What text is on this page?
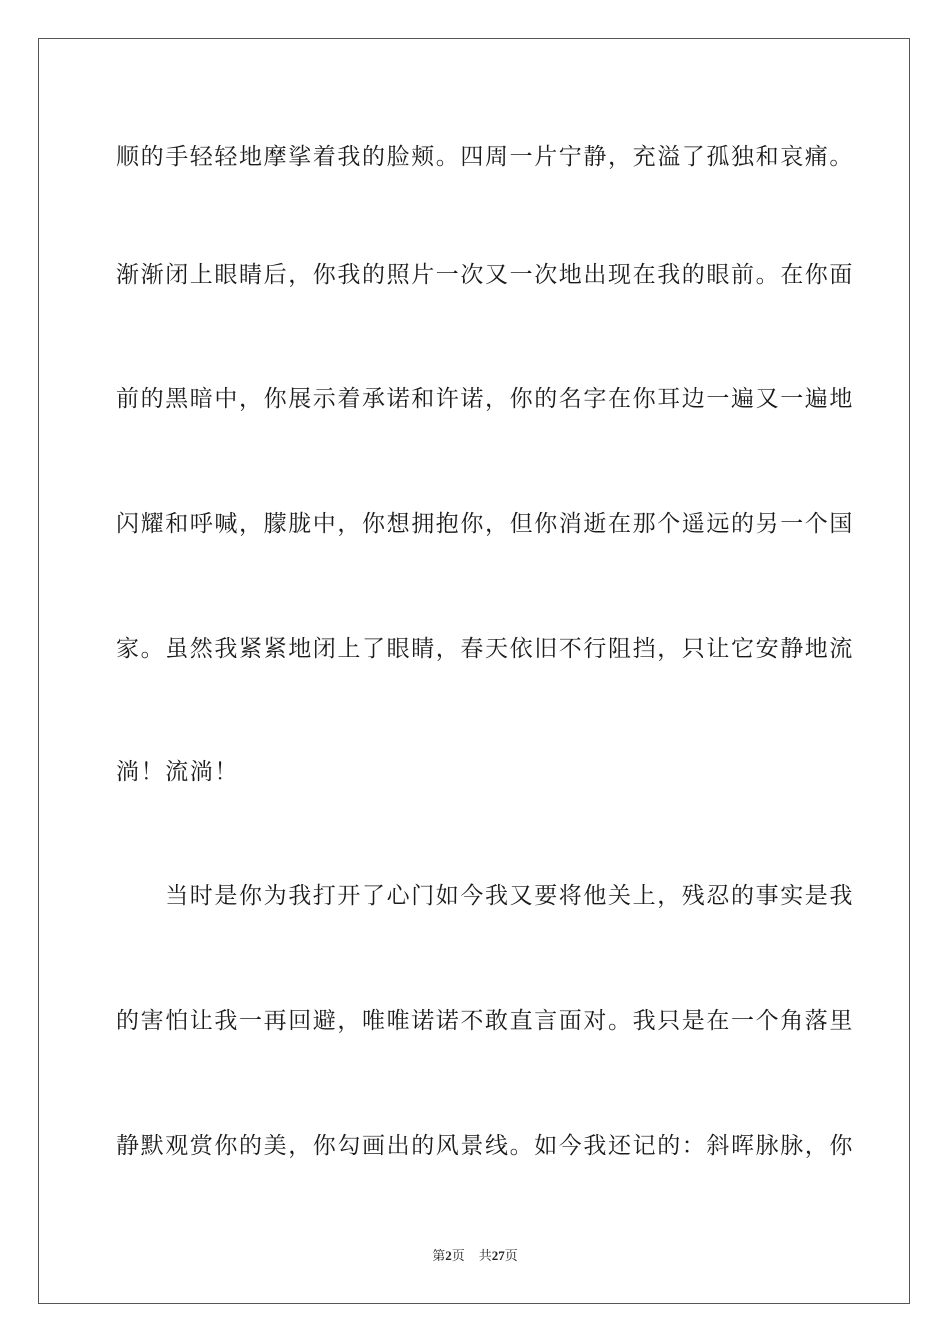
顺的手轻轻地摩挲着我的脸颊。四周一片宁静，充溢了孤独和哀痛。
渐渐闭上眼睛后，你我的照片一次又一次地出现在我的眼前。在你面
前的黑暗中，你展示着承诺和许诺，你的名字在你耳边一遍又一遍地
闪耀和呼喊，朦胧中，你想拥抱你，但你消逝在那个遥远的另一个国
家。虽然我紧紧地闭上了眼睛，春天依旧不行阻挡，只让它安静地流
淌！流淌！
　　当时是你为我打开了心门如今我又要将他关上，残忍的事实是我
的害怕让我一再回避，唯唯诺诺不敢直言面对。我只是在一个角落里
静默观赏你的美，你勾画出的风景线。如今我还记的：斜晖脉脉，你
第2页 共27页
